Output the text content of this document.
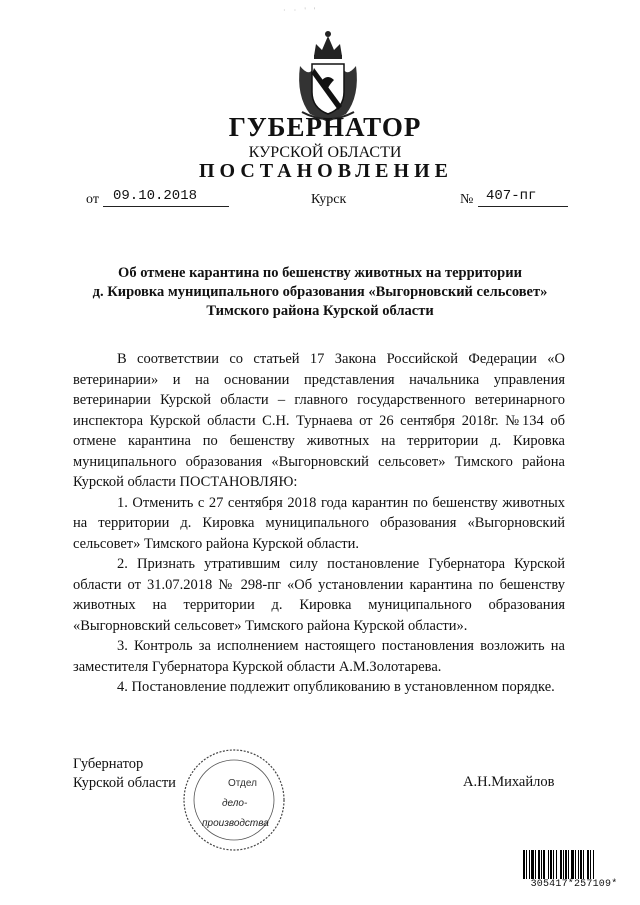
· · ' '
ГУБЕРНАТОР
КУРСКОЙ ОБЛАСТИ
ПОСТАНОВЛЕНИЕ
от	09.10.2018	Курск	№ 407-пг
Об отмене карантина по бешенству животных на территории
д. Кировка муниципального образования «Выгорновский сельсовет»
Тимского района Курской области

В соответствии со статьей 17 Закона Российской Федерации «О ветеринарии» и на основании представления начальника управления ветеринарии Курской области – главного государственного ветеринарного инспектора Курской области С.Н. Турнаева от 26 сентября 2018г. №134 об отмене карантина по бешенству животных на территории д. Кировка муниципального образования «Выгорновский сельсовет» Тимского района Курской области ПОСТАНОВЛЯЮ:

1. Отменить с 27 сентября 2018 года карантин по бешенству животных на территории д. Кировка муниципального образования «Выгорновский сельсовет» Тимского района Курской области.

2. Признать утратившим силу постановление Губернатора Курской области от 31.07.2018 № 298-пг «Об установлении карантина по бешенству животных на территории д. Кировка муниципального образования «Выгорновский сельсовет» Тимского района Курской области».

3. Контроль за исполнением настоящего постановления возложить на заместителя Губернатора Курской области А.М.Золотарева.

4. Постановление подлежит опубликованию в установленном порядке.

Губернатор
Курской области	Отдел
дело-
производства
А.Н.Михайлов
305417*257109*
